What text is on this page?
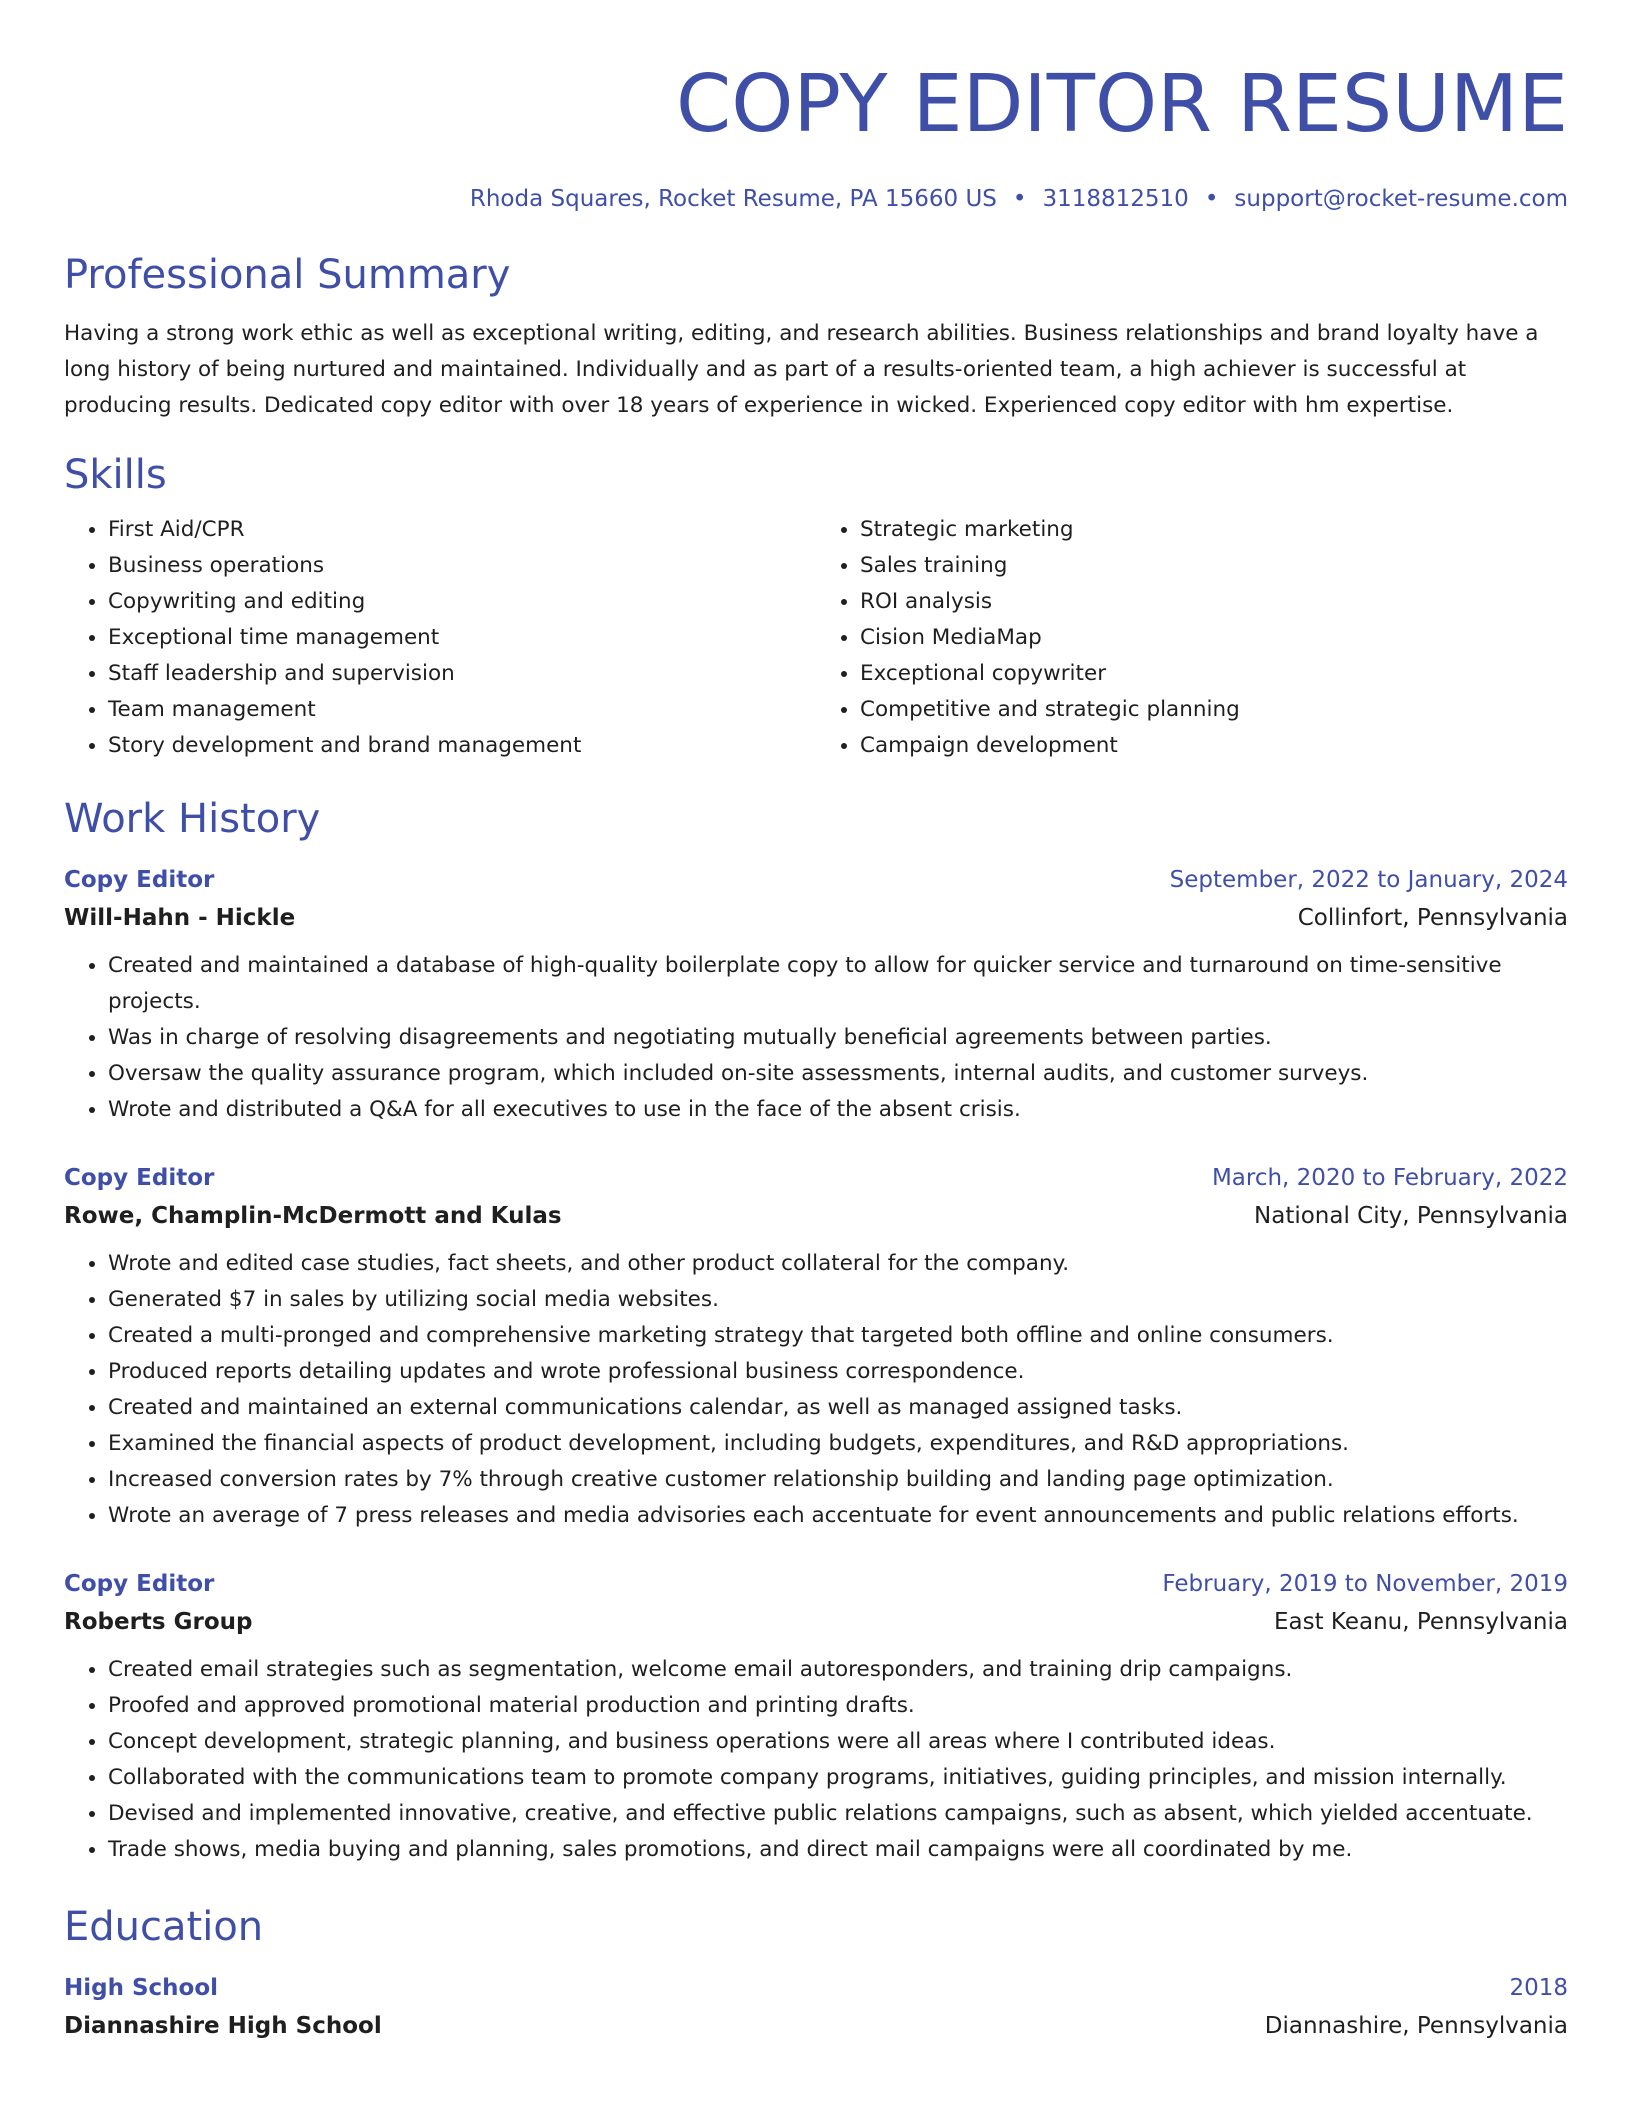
COPY EDITOR RESUME
Rhoda Squares, Rocket Resume, PA 15660 US • 3118812510 • support@rocket-resume.com
Professional Summary
Having a strong work ethic as well as exceptional writing, editing, and research abilities. Business relationships and brand loyalty have a long history of being nurtured and maintained. Individually and as part of a results-oriented team, a high achiever is successful at producing results. Dedicated copy editor with over 18 years of experience in wicked. Experienced copy editor with hm expertise.
Skills
• First Aid/CPR
• Business operations
• Copywriting and editing
• Exceptional time management
• Staff leadership and supervision
• Team management
• Story development and brand management
• Strategic marketing
• Sales training
• ROI analysis
• Cision MediaMap
• Exceptional copywriter
• Competitive and strategic planning
• Campaign development
Work History
Copy Editor	September, 2022 to January, 2024
Will-Hahn - Hickle	Collinfort, Pennsylvania
• Created and maintained a database of high-quality boilerplate copy to allow for quicker service and turnaround on time-sensitive projects.
• Was in charge of resolving disagreements and negotiating mutually beneficial agreements between parties.
• Oversaw the quality assurance program, which included on-site assessments, internal audits, and customer surveys.
• Wrote and distributed a Q&A for all executives to use in the face of the absent crisis.
Copy Editor	March, 2020 to February, 2022
Rowe, Champlin-McDermott and Kulas	National City, Pennsylvania
• Wrote and edited case studies, fact sheets, and other product collateral for the company.
• Generated $7 in sales by utilizing social media websites.
• Created a multi-pronged and comprehensive marketing strategy that targeted both offline and online consumers.
• Produced reports detailing updates and wrote professional business correspondence.
• Created and maintained an external communications calendar, as well as managed assigned tasks.
• Examined the financial aspects of product development, including budgets, expenditures, and R&D appropriations.
• Increased conversion rates by 7% through creative customer relationship building and landing page optimization.
• Wrote an average of 7 press releases and media advisories each accentuate for event announcements and public relations efforts.
Copy Editor	February, 2019 to November, 2019
Roberts Group	East Keanu, Pennsylvania
• Created email strategies such as segmentation, welcome email autoresponders, and training drip campaigns.
• Proofed and approved promotional material production and printing drafts.
• Concept development, strategic planning, and business operations were all areas where I contributed ideas.
• Collaborated with the communications team to promote company programs, initiatives, guiding principles, and mission internally.
• Devised and implemented innovative, creative, and effective public relations campaigns, such as absent, which yielded accentuate.
• Trade shows, media buying and planning, sales promotions, and direct mail campaigns were all coordinated by me.
Education
High School	2018
Diannashire High School	Diannashire, Pennsylvania
